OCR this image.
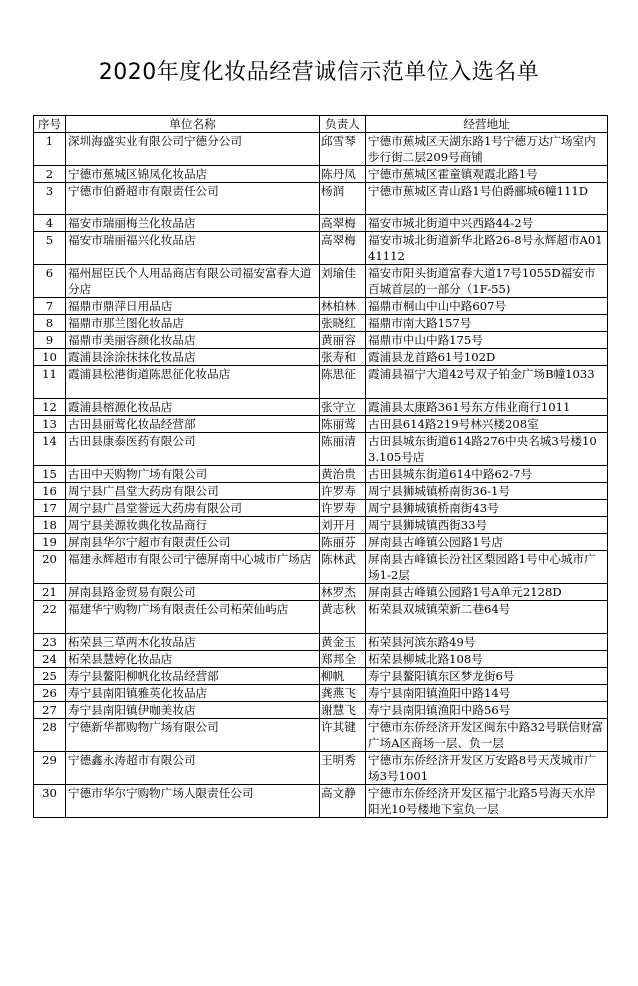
2020年度化妆品经营诚信示范单位入选名单
序号	单位名称	负责人	经营地址
1	深圳海盛实业有限公司宁德分公司	邱雪琴	宁德市蕉城区天湖东路1号宁德万达广场室内步行街二层209号商铺
2	宁德市蕉城区锦凤化妆品店	陈丹凤	宁德市蕉城区霍童镇观霞北路1号
3	宁德市伯爵超市有限责任公司	杨润	宁德市蕉城区青山路1号伯爵郦城6幢111D
4	福安市瑞丽梅兰化妆品店	高翠梅	福安市城北街道中兴西路44-2号
5	福安市瑞丽福兴化妆品店	高翠梅	福安市城北街道新华北路26-8号永辉超市A0141112
6	福州屈臣氏个人用品商店有限公司福安富春大道分店	刘瑜佳	福安市阳头街道富春大道17号1055D福安市百城首层的一部分（1F-55)
7	福鼎市鼎萍日用品店	林柏林	福鼎市桐山中山中路607号
8	福鼎市那兰图化妆品店	张晓红	福鼎市南大路157号
9	福鼎市美丽容颜化妆品店	黄丽容	福鼎市中山中路175号
10	霞浦县涂涂抹抹化妆品店	张寿和	霞浦县龙首路61号102D
11	霞浦县松港街道陈思征化妆品店	陈思征	霞浦县福宁大道42号双子铂金广场B幢1033
12	霞浦县榕源化妆品店	张守立	霞浦县太康路361号东方伟业商行1011
13	古田县丽莺化妆品经营部	陈丽莺	古田县614路219号林兴楼208室
14	古田县康泰医药有限公司	陈丽清	古田县城东街道614路276中央名城3号楼103.105号店
15	古田中天购物广场有限公司	黄治贵	古田县城东街道614中路62-7号
16	周宁县广昌堂大药房有限公司	许罗寿	周宁县狮城镇桥南街36-1号
17	周宁县广昌堂誉远大药房有限公司	许罗寿	周宁县狮城镇桥南街43号
18	周宁县美源妆典化妆品商行	刘开月	周宁县狮城镇西街33号
19	屏南县华尔宁超市有限责任公司	陈丽芬	屏南县古峰镇公园路1号店
20	福建永辉超市有限公司宁德屏南中心城市广场店	陈林武	屏南县古峰镇长汾社区梨园路1号中心城市广场1-2层
21	屏南县路金贸易有限公司	林罗杰	屏南县古峰镇公园路1号A单元2128D
22	福建华宁购物广场有限责任公司柘荣仙屿店	黄志秋	柘荣县双城镇荣新二巷64号
23	柘荣县三草两木化妆品店	黄金玉	柘荣县河滨东路49号
24	柘荣县慧婷化妆品店	郑邦全	柘荣县柳城北路108号
25	寿宁县鳌阳柳帆化妆品经营部	柳帆	寿宁县鳌阳镇东区梦龙街6号
26	寿宁县南阳镇雅英化妆品店	龚燕飞	寿宁县南阳镇渔阳中路14号
27	寿宁县南阳镇伊咖美妆店	谢慧飞	寿宁县南阳镇渔阳中路56号
28	宁德新华都购物广场有限公司	许其键	宁德市东侨经济开发区闽东中路32号联信财富广场A区商场一层、负一层
29	宁德鑫永涛超市有限公司	王明秀	宁德市东侨经济开发区万安路8号天茂城市广场3号1001
30	宁德市华尔宁购物广场人限责任公司	高文静	宁德市东侨经济开发区福宁北路5号海天水岸阳光10号楼地下室负一层
